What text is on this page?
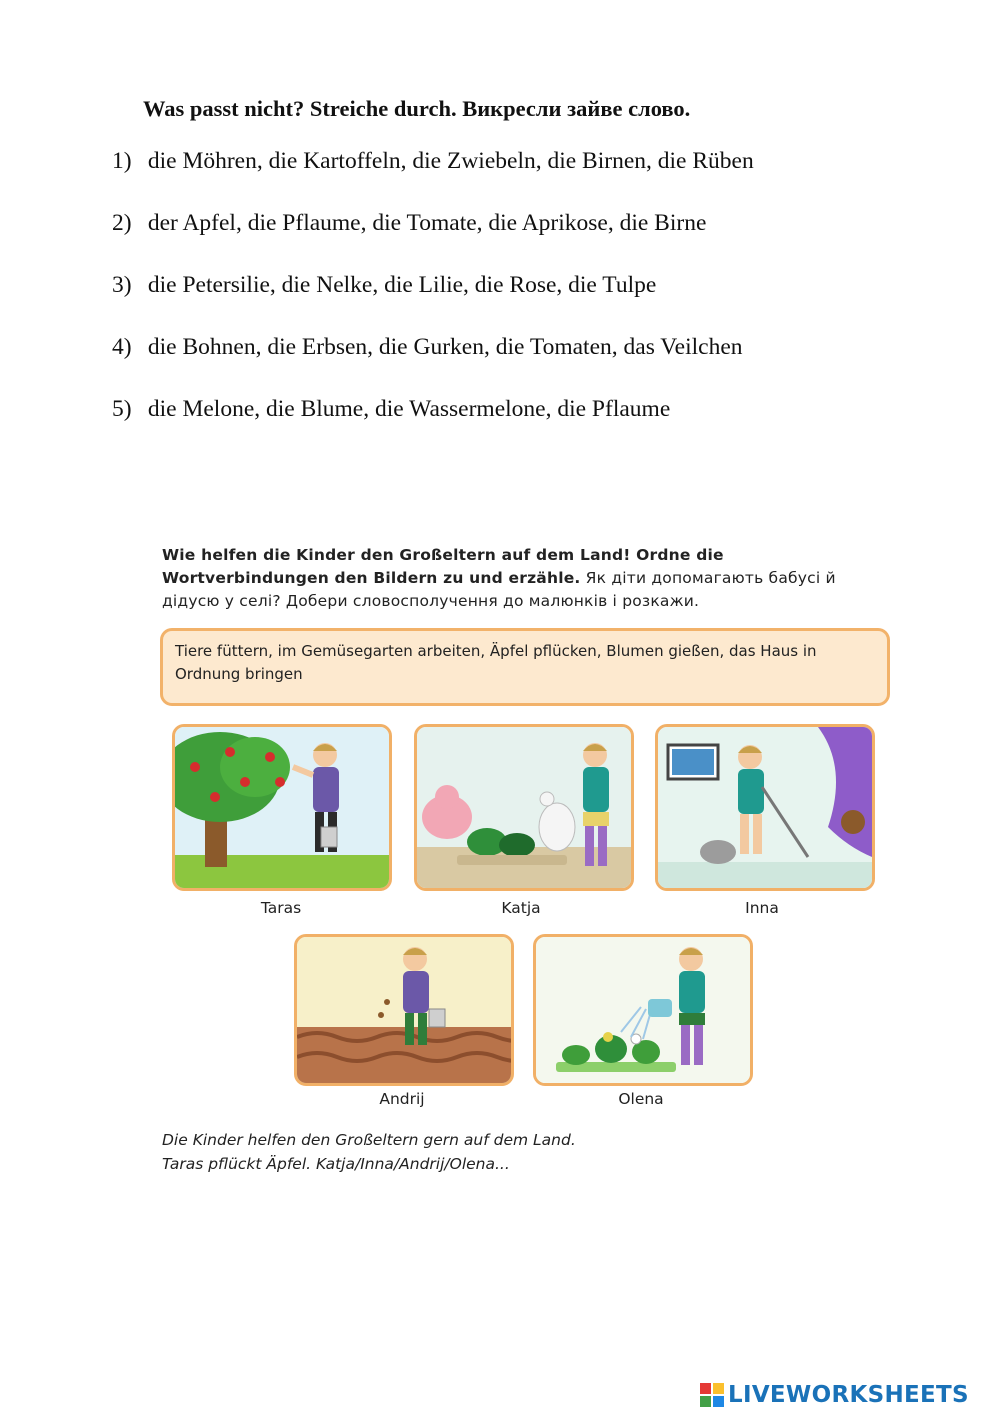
Was passt nicht? Streiche durch. Викресли зайве слово.
1) die Möhren, die Kartoffeln, die Zwiebeln, die Birnen, die Rüben
2) der Apfel, die Pflaume, die Tomate, die Aprikose, die Birne
3) die Petersilie, die Nelke, die Lilie, die Rose, die Tulpe
4) die Bohnen, die Erbsen, die Gurken, die Tomaten, das Veilchen
5) die Melone, die Blume, die Wassermelone, die Pflaume
Wie helfen die Kinder den Großeltern auf dem Land! Ordne die Wortverbindungen den Bildern zu und erzähle. Як діти допомагають бабусі й дідусю у селі? Добери словосполучення до малюнків і розкажи.
Tiere füttern, im Gemüsegarten arbeiten, Äpfel pflücken, Blumen gießen, das Haus in Ordnung bringen
Taras	Katja	Inna
Andrij	Olena
Die Kinder helfen den Großeltern gern auf dem Land.
Taras pflückt Äpfel. Katja/Inna/Andrij/Olena...
LIVEWORKSHEETS
